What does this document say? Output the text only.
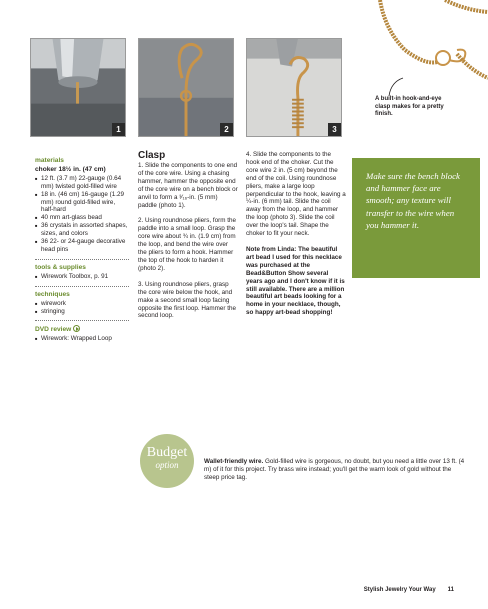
1	2	3
A built-in hook-and-eye clasp makes for a pretty finish.
materials
choker 18½ in. (47 cm)
■ 12 ft. (3.7 m) 22-gauge (0.64 mm) twisted gold-filled wire
■ 18 in. (46 cm) 16-gauge (1.29 mm) round gold-filled wire, half-hard
■ 40 mm art-glass bead
■ 36 crystals in assorted shapes, sizes, and colors
■ 36 22- or 24-gauge decorative head pins
tools & supplies
■ Wirework Toolbox, p. 91
techniques
■ wirework
■ stringing
DVD review
■ Wirework: Wrapped Loop
Clasp

1. Slide the components to one end of the core wire. Using a chasing hammer, hammer the opposite end of the core wire on a bench block or anvil to form a ³⁄₁₆-in. (5 mm) paddle (photo 1).

2. Using roundnose pliers, form the paddle into a small loop. Grasp the core wire about ¾ in. (1.9 cm) from the loop, and bend the wire over the pliers to form a hook. Hammer the top of the hook to harden it (photo 2).

3. Using roundnose pliers, grasp the core wire below the hook, and make a second small loop facing opposite the first loop. Hammer the second loop.

4. Slide the components to the hook end of the choker. Cut the core wire 2 in. (5 cm) beyond the end of the coil. Using roundnose pliers, make a large loop perpendicular to the hook, leaving a ¼-in. (6 mm) tail. Slide the coil away from the loop, and hammer the loop (photo 3). Slide the coil over the loop's tail. Shape the choker to fit your neck.

Note from Linda: The beautiful art bead I used for this necklace was purchased at the Bead&Button Show several years ago and I don't know if it is still available. There are a million beautiful art beads looking for a home in your necklace, though, so happy art-bead shopping!

Make sure the bench block and hammer face are smooth; any texture will transfer to the wire when you hammer it.
Budget
option	Wallet-friendly wire. Gold-filled wire is gorgeous, no doubt, but you need a little over 13 ft. (4 m) of it for this project. Try brass wire instead; you'll get the warm look of gold without the steep price tag.
Stylish Jewelry Your Way 11
